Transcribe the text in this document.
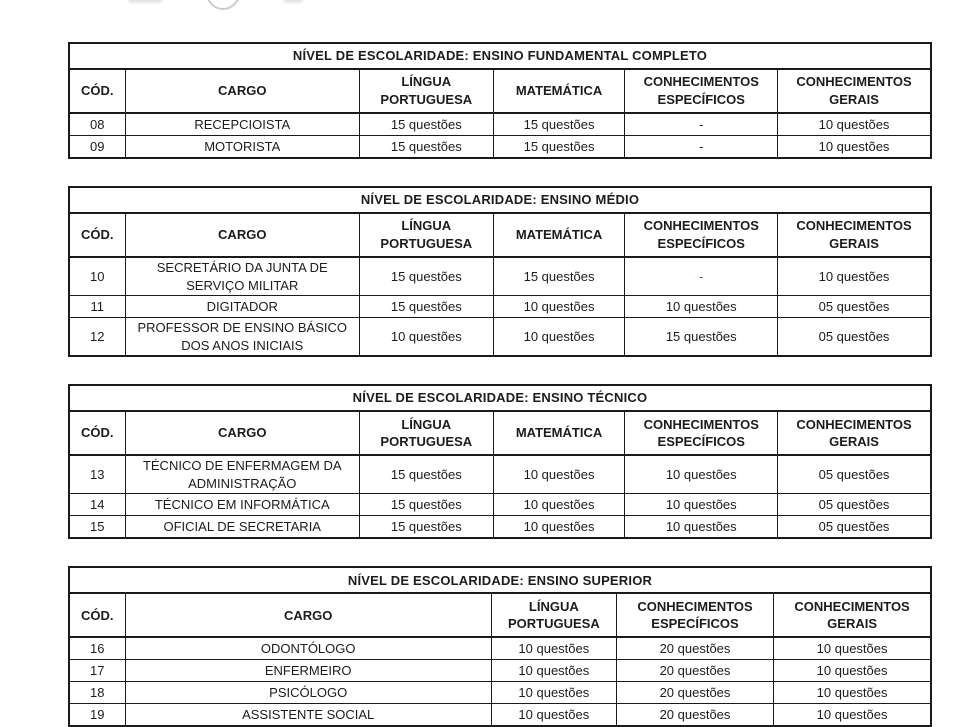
NÍVEL DE ESCOLARIDADE: ENSINO FUNDAMENTAL COMPLETO					
CÓD.	CARGO	LÍNGUA PORTUGUESA	MATEMÁTICA	CONHECIMENTOS ESPECÍFICOS	CONHECIMENTOS GERAIS
08	RECEPCIOISTA	15 questões	15 questões	-	10 questões
09	MOTORISTA	15 questões	15 questões	-	10 questões
NÍVEL DE ESCOLARIDADE: ENSINO MÉDIO					
CÓD.	CARGO	LÍNGUA PORTUGUESA	MATEMÁTICA	CONHECIMENTOS ESPECÍFICOS	CONHECIMENTOS GERAIS
10	SECRETÁRIO DA JUNTA DE SERVIÇO MILITAR	15 questões	15 questões	-	10 questões
11	DIGITADOR	15 questões	10 questões	10 questões	05 questões
12	PROFESSOR DE ENSINO BÁSICO DOS ANOS INICIAIS	10 questões	10 questões	15 questões	05 questões
NÍVEL DE ESCOLARIDADE: ENSINO TÉCNICO					
CÓD.	CARGO	LÍNGUA PORTUGUESA	MATEMÁTICA	CONHECIMENTOS ESPECÍFICOS	CONHECIMENTOS GERAIS
13	TÉCNICO DE ENFERMAGEM DA ADMINISTRAÇÃO	15 questões	10 questões	10 questões	05 questões
14	TÉCNICO EM INFORMÁTICA	15 questões	10 questões	10 questões	05 questões
15	OFICIAL DE SECRETARIA	15 questões	10 questões	10 questões	05 questões
NÍVEL DE ESCOLARIDADE: ENSINO SUPERIOR				
CÓD.	CARGO	LÍNGUA PORTUGUESA	CONHECIMENTOS ESPECÍFICOS	CONHECIMENTOS GERAIS
16	ODONTÓLOGO	10 questões	20 questões	10 questões
17	ENFERMEIRO	10 questões	20 questões	10 questões
18	PSICÓLOGO	10 questões	20 questões	10 questões
19	ASSISTENTE SOCIAL	10 questões	20 questões	10 questões
